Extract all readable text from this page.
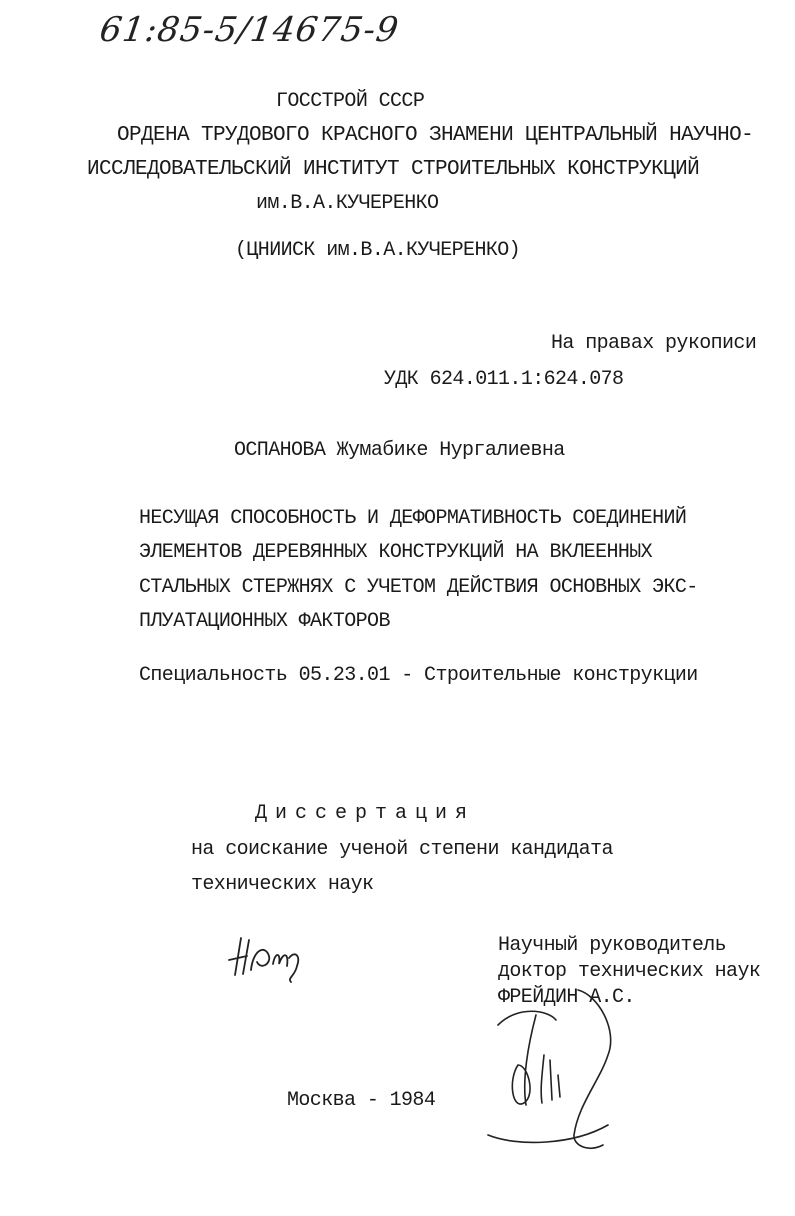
61:85-5/14675-9
ГОССТРОЙ СССР
ОРДЕНА ТРУДОВОГО КРАСНОГО ЗНАМЕНИ ЦЕНТРАЛЬНЫЙ НАУЧНО-
ИССЛЕДОВАТЕЛЬСКИЙ ИНСТИТУТ СТРОИТЕЛЬНЫХ КОНСТРУКЦИЙ
им.В.А.КУЧЕРЕНКО
(ЦНИИСК им.В.А.КУЧЕРЕНКО)
На правах рукописи
УДК 624.011.1:624.078
ОСПАНОВА Жумабике Нургалиевна
НЕСУЩАЯ СПОСОБНОСТЬ И ДЕФОРМАТИВНОСТЬ СОЕДИНЕНИЙ
ЭЛЕМЕНТОВ ДЕРЕВЯННЫХ КОНСТРУКЦИЙ НА ВКЛЕЕННЫХ
СТАЛЬНЫХ СТЕРЖНЯХ С УЧЕТОМ ДЕЙСТВИЯ ОСНОВНЫХ ЭКС-
ПЛУАТАЦИОННЫХ ФАКТОРОВ
Специальность 05.23.01 - Строительные конструкции
Диссертация
на соискание ученой степени кандидата
технических наук
Научный руководитель
доктор технических наук
ФРЕЙДИН А.С.
Москва - 1984
